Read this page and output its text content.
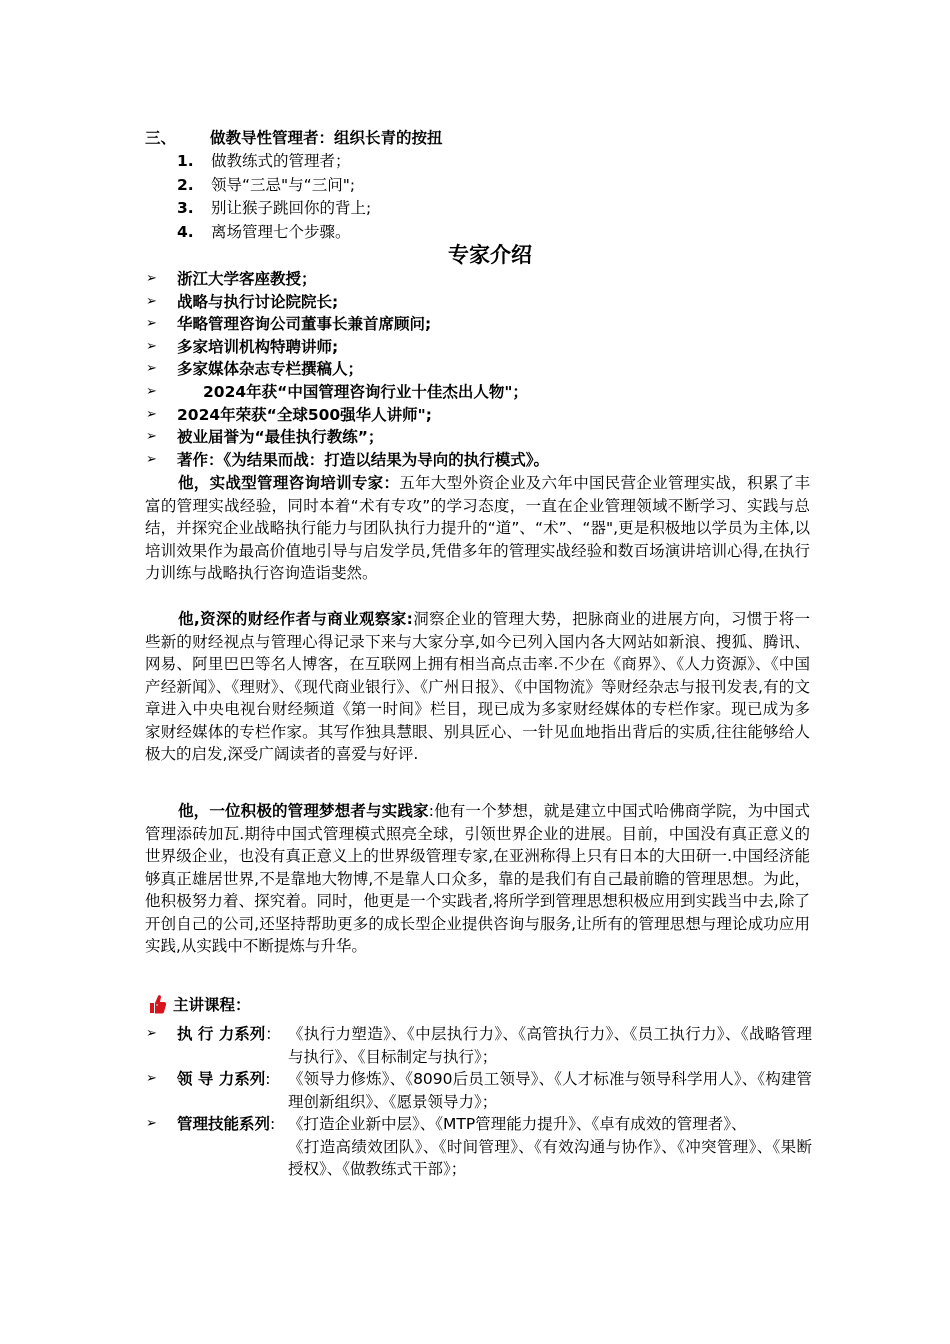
三、 做教导性管理者：组织长青的按扭
1. 做教练式的管理者；
2. 领导“三忌"与“三问";
3. 别让猴子跳回你的背上;
4. 离场管理七个步骤。
专家介绍
➢ 浙江大学客座教授；
➢ 战略与执行讨论院院长;
➢ 华略管理咨询公司董事长兼首席顾问;
➢ 多家培训机构特聘讲师;
➢ 多家媒体杂志专栏撰稿人；
➢	2024年获“中国管理咨询行业十佳杰出人物"；
➢ 2024年荣获“全球500强华人讲师";
➢ 被业届誉为“最佳执行教练”；
➢ 著作：《为结果而战：打造以结果为导向的执行模式》。

他，实战型管理咨询培训专家：五年大型外资企业及六年中国民营企业管理实战，积累了丰富的管理实战经验，同时本着“术有专攻”的学习态度，一直在企业管理领域不断学习、实践与总结，并探究企业战略执行能力与团队执行力提升的“道”、“术”、“器",更是积极地以学员为主体,以培训效果作为最高价值地引导与启发学员,凭借多年的管理实战经验和数百场演讲培训心得,在执行力训练与战略执行咨询造诣斐然。

他,资深的财经作者与商业观察家:洞察企业的管理大势，把脉商业的进展方向，习惯于将一些新的财经视点与管理心得记录下来与大家分享,如今已列入国内各大网站如新浪、搜狐、腾讯、网易、阿里巴巴等名人博客，在互联网上拥有相当高点击率.不少在《商界》、《人力资源》、《中国产经新闻》、《理财》、《现代商业银行》、《广州日报》、《中国物流》等财经杂志与报刊发表,有的文章进入中央电视台财经频道《第一时间》栏目，现已成为多家财经媒体的专栏作家。现已成为多家财经媒体的专栏作家。其写作独具慧眼、别具匠心、一针见血地指出背后的实质,往往能够给人极大的启发,深受广阔读者的喜爱与好评.

他，一位积极的管理梦想者与实践家:他有一个梦想，就是建立中国式哈佛商学院，为中国式管理添砖加瓦.期待中国式管理模式照亮全球，引领世界企业的进展。目前，中国没有真正意义的世界级企业，也没有真正意义上的世界级管理专家,在亚洲称得上只有日本的大田研一.中国经济能够真正雄居世界,不是靠地大物博,不是靠人口众多，靠的是我们有自己最前瞻的管理思想。为此，他积极努力着、探究着。同时，他更是一个实践者,将所学到管理思想积极应用到实践当中去,除了开创自己的公司,还坚持帮助更多的成长型企业提供咨询与服务,让所有的管理思想与理论成功应用实践,从实践中不断提炼与升华。

主讲课程：
➢ 执 行 力系列： 《执行力塑造》、《中层执行力》、《高管执行力》、《员工执行力》、《战略管理与执行》、《目标制定与执行》；
➢ 领 导 力系列: 《领导力修炼》、《8090后员工领导》、《人才标准与领导科学用人》、《构建管理创新组织》、《愿景领导力》；
➢ 管理技能系列: 《打造企业新中层》、《MTP管理能力提升》、《卓有成效的管理者》、
《打造高绩效团队》、《时间管理》、《有效沟通与协作》、《冲突管理》、《果断授权》、《做教练式干部》；
